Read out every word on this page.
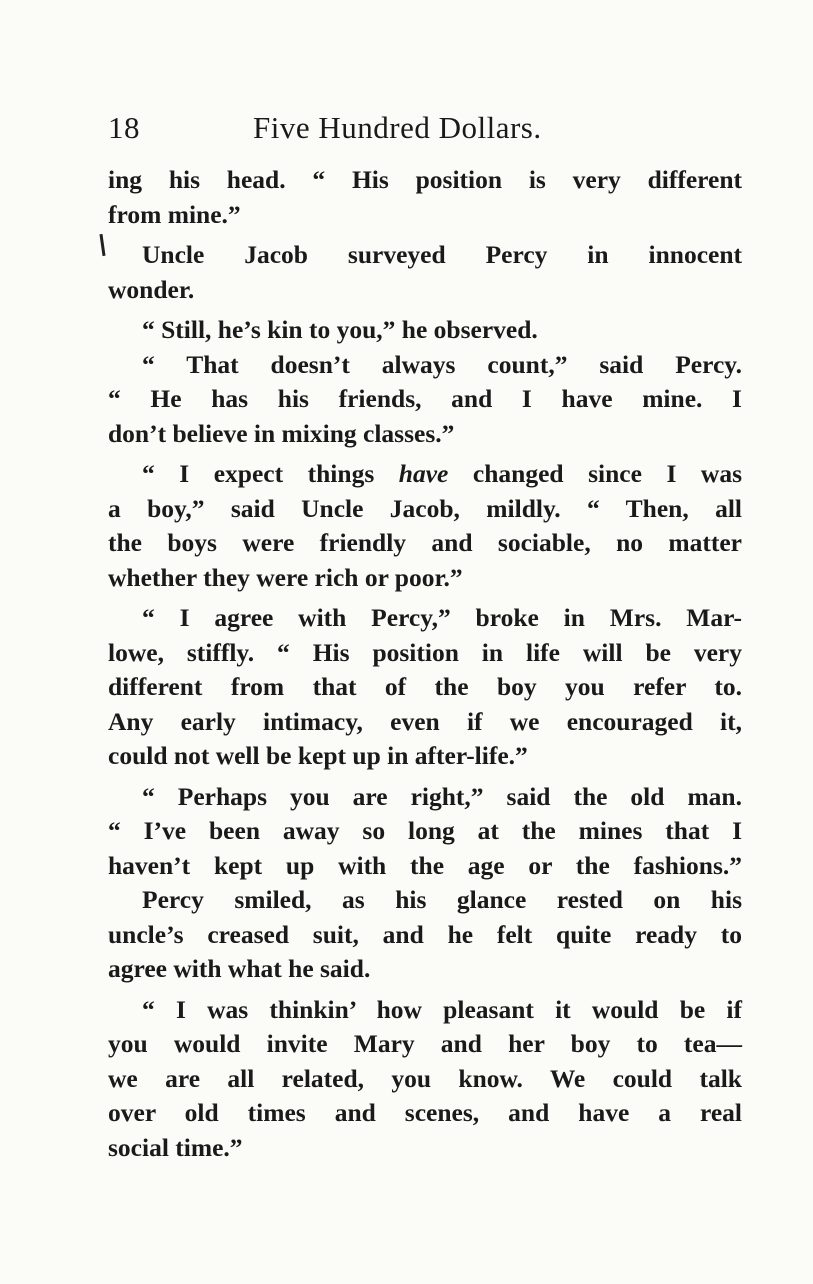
18	Five Hundred Dollars.
ing his head. “ His position is very different
from mine.”
Uncle Jacob surveyed Percy in innocent
wonder.
“ Still, he’s kin to you,” he observed.
“ That doesn’t always count,” said Percy.
“ He has his friends, and I have mine. I
don’t believe in mixing classes.”
“ I expect things have changed since I was
a boy,” said Uncle Jacob, mildly. “ Then, all
the boys were friendly and sociable, no matter
whether they were rich or poor.”
“ I agree with Percy,” broke in Mrs. Mar-
lowe, stiffly. “ His position in life will be very
different from that of the boy you refer to.
Any early intimacy, even if we encouraged it,
could not well be kept up in after-life.”
“ Perhaps you are right,” said the old man.
“ I’ve been away so long at the mines that I
haven’t kept up with the age or the fashions.”
Percy smiled, as his glance rested on his
uncle’s creased suit, and he felt quite ready to
agree with what he said.
“ I was thinkin’ how pleasant it would be if
you would invite Mary and her boy to tea—
we are all related, you know. We could talk
over old times and scenes, and have a real
social time.”
